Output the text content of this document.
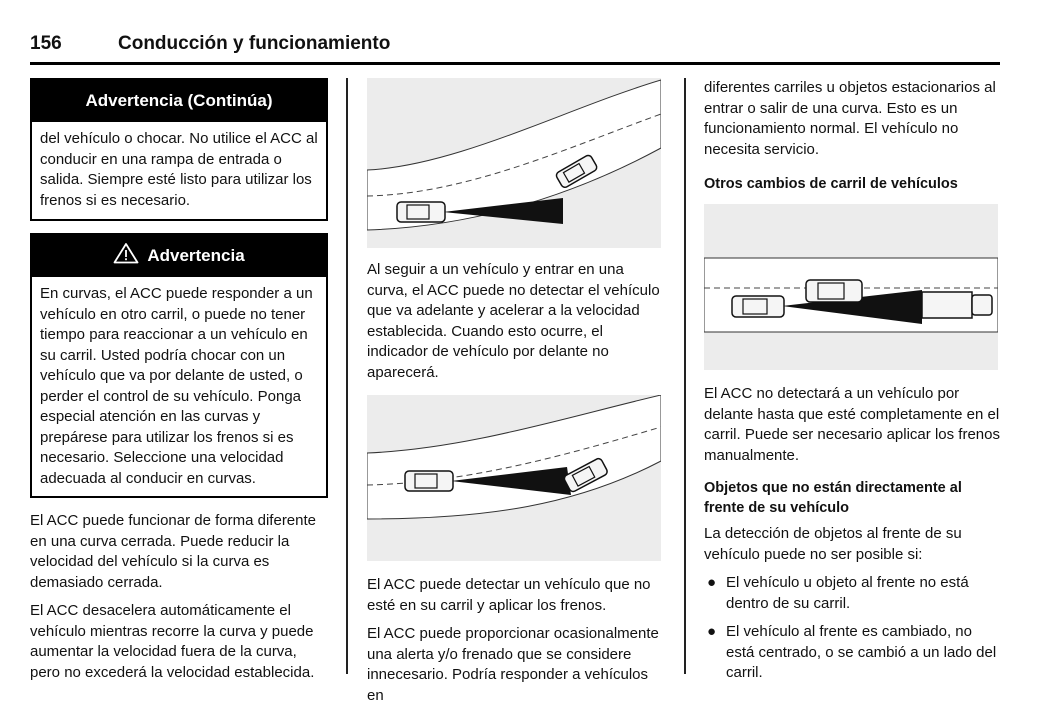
156	Conducción y funcionamiento
Advertencia (Continúa)
del vehículo o chocar. No utilice el ACC al conducir en una rampa de entrada o salida. Siempre esté listo para utilizar los frenos si es necesario.
Advertencia
En curvas, el ACC puede responder a un vehículo en otro carril, o puede no tener tiempo para reaccionar a un vehículo en su carril. Usted podría chocar con un vehículo que va por delante de usted, o perder el control de su vehículo. Ponga especial atención en las curvas y prepárese para utilizar los frenos si es necesario. Seleccione una velocidad adecuada al conducir en curvas.

El ACC puede funcionar de forma diferente en una curva cerrada. Puede reducir la velocidad del vehículo si la curva es demasiado cerrada.

El ACC desacelera automáticamente el vehículo mientras recorre la curva y puede aumentar la velocidad fuera de la curva, pero no excederá la velocidad establecida.

Al seguir a un vehículo y entrar en una curva, el ACC puede no detectar el vehículo que va adelante y acelerar a la velocidad establecida. Cuando esto ocurre, el indicador de vehículo por delante no aparecerá.

El ACC puede detectar un vehículo que no esté en su carril y aplicar los frenos.

El ACC puede proporcionar ocasionalmente una alerta y/o frenado que se considere innecesario. Podría responder a vehículos en

diferentes carriles u objetos estacionarios al entrar o salir de una curva. Esto es un funcionamiento normal. El vehículo no necesita servicio.

Otros cambios de carril de vehículos

El ACC no detectará a un vehículo por delante hasta que esté completamente en el carril. Puede ser necesario aplicar los frenos manualmente.

Objetos que no están directamente al frente de su vehículo

La detección de objetos al frente de su vehículo puede no ser posible si:

● El vehículo u objeto al frente no está dentro de su carril.
● El vehículo al frente es cambiado, no está centrado, o se cambió a un lado del carril.
